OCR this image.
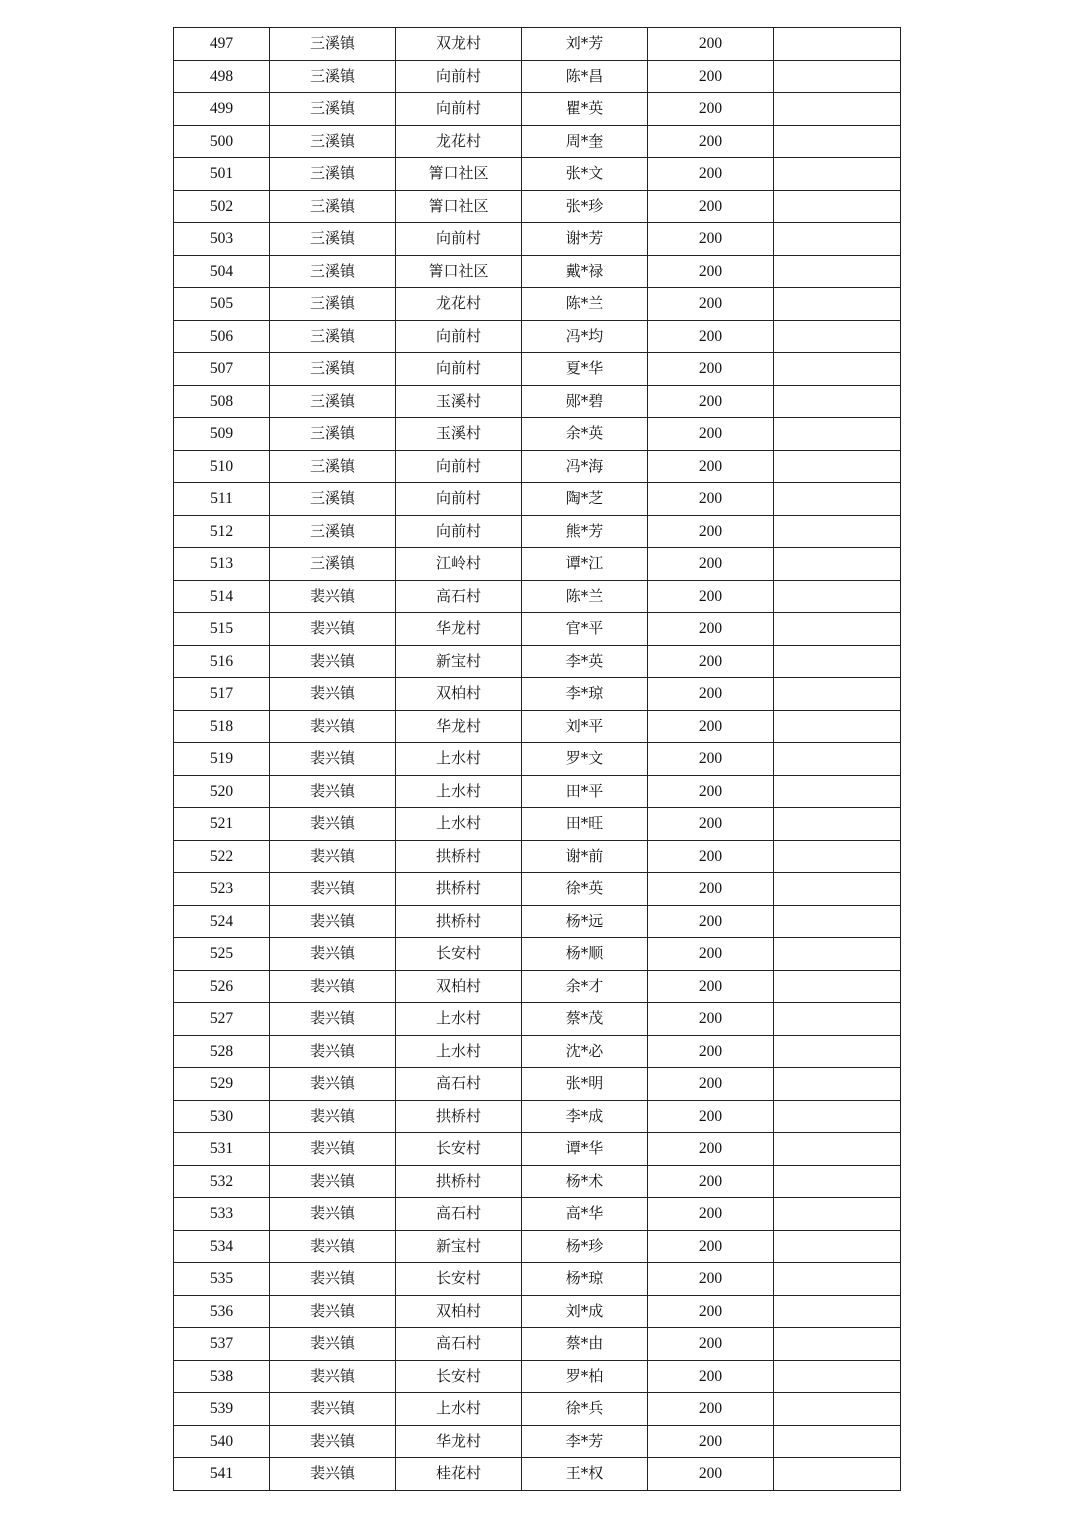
497	三溪镇	双龙村	刘*芳	200	
498	三溪镇	向前村	陈*昌	200	
499	三溪镇	向前村	瞿*英	200	
500	三溪镇	龙花村	周*奎	200	
501	三溪镇	箐口社区	张*文	200	
502	三溪镇	箐口社区	张*珍	200	
503	三溪镇	向前村	谢*芳	200	
504	三溪镇	箐口社区	戴*禄	200	
505	三溪镇	龙花村	陈*兰	200	
506	三溪镇	向前村	冯*均	200	
507	三溪镇	向前村	夏*华	200	
508	三溪镇	玉溪村	郧*碧	200	
509	三溪镇	玉溪村	余*英	200	
510	三溪镇	向前村	冯*海	200	
511	三溪镇	向前村	陶*芝	200	
512	三溪镇	向前村	熊*芳	200	
513	三溪镇	江岭村	谭*江	200	
514	裴兴镇	高石村	陈*兰	200	
515	裴兴镇	华龙村	官*平	200	
516	裴兴镇	新宝村	李*英	200	
517	裴兴镇	双柏村	李*琼	200	
518	裴兴镇	华龙村	刘*平	200	
519	裴兴镇	上水村	罗*文	200	
520	裴兴镇	上水村	田*平	200	
521	裴兴镇	上水村	田*旺	200	
522	裴兴镇	拱桥村	谢*前	200	
523	裴兴镇	拱桥村	徐*英	200	
524	裴兴镇	拱桥村	杨*远	200	
525	裴兴镇	长安村	杨*顺	200	
526	裴兴镇	双柏村	余*才	200	
527	裴兴镇	上水村	蔡*茂	200	
528	裴兴镇	上水村	沈*必	200	
529	裴兴镇	高石村	张*明	200	
530	裴兴镇	拱桥村	李*成	200	
531	裴兴镇	长安村	谭*华	200	
532	裴兴镇	拱桥村	杨*术	200	
533	裴兴镇	高石村	高*华	200	
534	裴兴镇	新宝村	杨*珍	200	
535	裴兴镇	长安村	杨*琼	200	
536	裴兴镇	双柏村	刘*成	200	
537	裴兴镇	高石村	蔡*由	200	
538	裴兴镇	长安村	罗*柏	200	
539	裴兴镇	上水村	徐*兵	200	
540	裴兴镇	华龙村	李*芳	200	
541	裴兴镇	桂花村	王*权	200	
